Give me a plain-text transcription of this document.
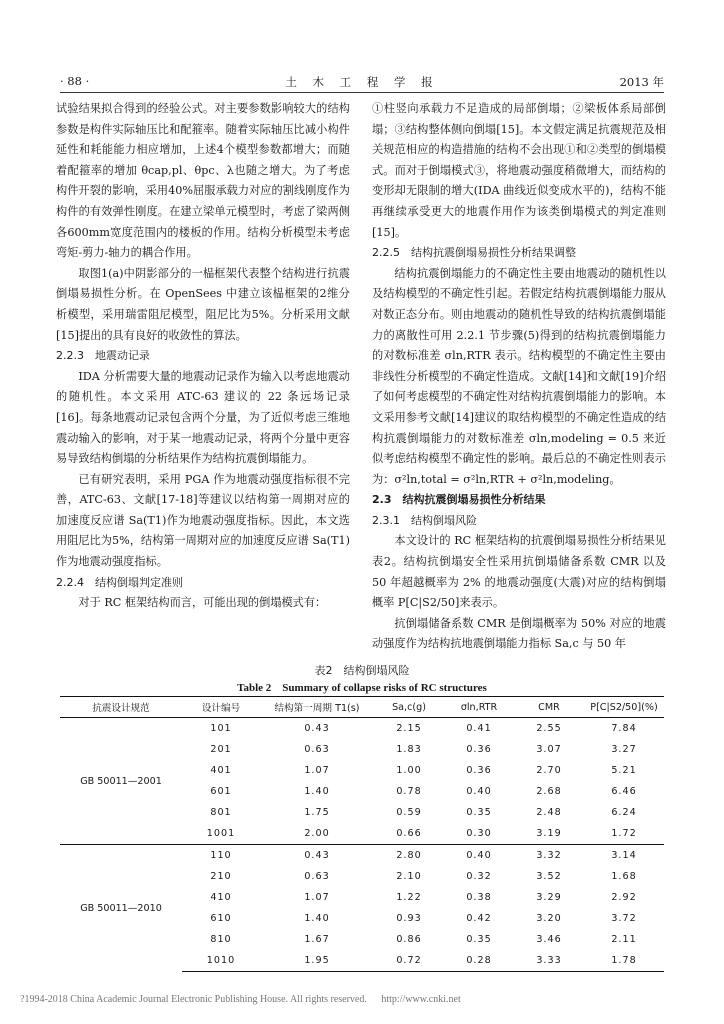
土 木 工 程 学 报
· 88 ·	2013 年

试验结果拟合得到的经验公式。对主要参数影响较大的结构参数是构件实际轴压比和配箍率。随着实际轴压比减小构件延性和耗能能力相应增加，上述4个模型参数都增大；而随着配箍率的增加 θcap,pl、θpc、λ也随之增大。为了考虑构件开裂的影响，采用40%屈服承载力对应的割线刚度作为构件的有效弹性刚度。在建立梁单元模型时，考虑了梁两侧各600mm宽度范围内的楼板的作用。结构分析模型未考虑弯矩-剪力-轴力的耦合作用。

取图1(a)中阴影部分的一榀框架代表整个结构进行抗震倒塌易损性分析。在 OpenSees 中建立该榀框架的2维分析模型，采用瑞雷阻尼模型，阻尼比为5%。分析采用文献[15]提出的具有良好的收敛性的算法。

2.2.3　地震动记录

IDA 分析需要大量的地震动记录作为输入以考虑地震动的随机性。本文采用 ATC-63 建议的 22 条远场记录[16]。每条地震动记录包含两个分量，为了近似考虑三维地震动输入的影响，对于某一地震动记录，将两个分量中更容易导致结构倒塌的分析结果作为结构抗震倒塌能力。

已有研究表明，采用 PGA 作为地震动强度指标很不完善，ATC-63、文献[17-18]等建议以结构第一周期对应的加速度反应谱 Sa(T1)作为地震动强度指标。因此，本文选用阻尼比为5%，结构第一周期对应的加速度反应谱 Sa(T1)作为地震动强度指标。

2.2.4　结构倒塌判定准则

对于 RC 框架结构而言，可能出现的倒塌模式有：

①柱竖向承载力不足造成的局部倒塌；②梁板体系局部倒塌；③结构整体侧向倒塌[15]。本文假定满足抗震规范及相关规范相应的构造措施的结构不会出现①和②类型的倒塌模式。而对于倒塌模式③，将地震动强度稍微增大，而结构的变形却无限制的增大(IDA 曲线近似变成水平的)，结构不能再继续承受更大的地震作用作为该类倒塌模式的判定准则[15]。

2.2.5　结构抗震倒塌易损性分析结果调整

结构抗震倒塌能力的不确定性主要由地震动的随机性以及结构模型的不确定性引起。若假定结构抗震倒塌能力服从对数正态分布。则由地震动的随机性导致的结构抗震倒塌能力的离散性可用 2.2.1 节步骤(5)得到的结构抗震倒塌能力的对数标准差 σln,RTR 表示。结构模型的不确定性主要由非线性分析模型的不确定性造成。文献[14]和文献[19]介绍了如何考虑模型的不确定性对结构抗震倒塌能力的影响。本文采用参考文献[14]建议的取结构模型的不确定性造成的结构抗震倒塌能力的对数标准差 σln,modeling = 0.5 来近似考虑结构模型不确定性的影响。最后总的不确定性则表示为：σ²ln,total = σ²ln,RTR + σ²ln,modeling。

2.3　结构抗震倒塌易损性分析结果

2.3.1　结构倒塌风险

本文设计的 RC 框架结构的抗震倒塌易损性分析结果见表2。结构抗倒塌安全性采用抗倒塌储备系数 CMR 以及 50 年超越概率为 2% 的地震动强度(大震)对应的结构倒塌概率 P[C|S2/50]来表示。

抗倒塌储备系数 CMR 是倒塌概率为 50% 对应的地震动强度作为结构抗地震倒塌能力指标 Sa,c 与 50 年

表2　结构倒塌风险
Table 2　Summary of collapse risks of RC structures
抗震设计规范	设计编号	结构第一周期 T1(s)	Sa,c(g)	σln,RTR	CMR	P[C|S2/50](%)
GB 50011—2001	101	0.43	2.15	0.41	2.55	7.84
	201	0.63	1.83	0.36	3.07	3.27
	401	1.07	1.00	0.36	2.70	5.21
	601	1.40	0.78	0.40	2.68	6.46
	801	1.75	0.59	0.35	2.48	6.24
	1001	2.00	0.66	0.30	3.19	1.72
GB 50011—2010	110	0.43	2.80	0.40	3.32	3.14
	210	0.63	2.10	0.32	3.52	1.68
	410	1.07	1.22	0.38	3.29	2.92
	610	1.40	0.93	0.42	3.20	3.72
	810	1.67	0.86	0.35	3.46	2.11
	1010	1.95	0.72	0.28	3.33	1.78
?1994-2018 China Academic Journal Electronic Publishing House. All rights reserved. http://www.cnki.net
